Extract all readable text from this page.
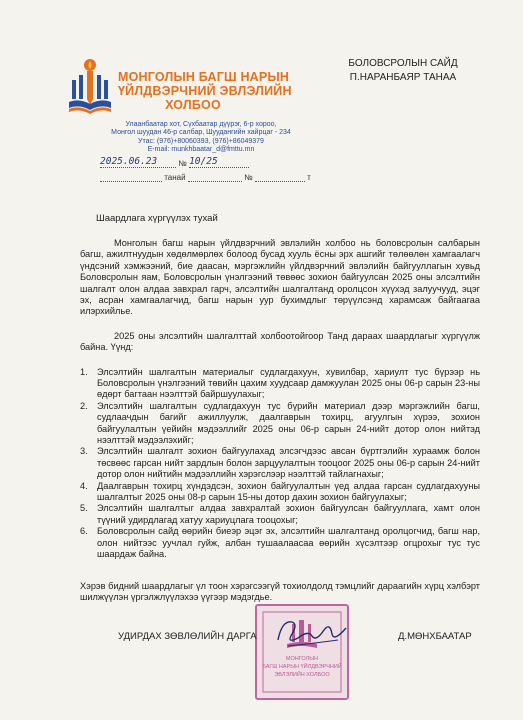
МОНГОЛЫН БАГШ НАРЫН
ҮЙЛДВЭРЧНИЙ ЭВЛЭЛИЙН
ХОЛБОО
Улаанбаатар хот, Сүхбаатар дүүрэг, 6-р хороо,
Монгол шуудан 46-р салбар, Шуудангийн хайрцаг - 234
Утас: (976)+80060393, (976)+86049379
E-mail: munkhbaatar_d@fmttu.mn
2025.06.23	№ 10/25
танай	№	т
БОЛОВСРОЛЫН САЙД
П.НАРАНБАЯР ТАНАА
Шаардлага хүргүүлэх тухай
Монголын багш нарын үйлдвэрчний эвлэлийн холбоо нь боловсролын салбарын багш, ажилтнуудын хөдөлмөрлөх болоод бусад хууль ёсны эрх ашгийг төлөөлөн хамгаалагч үндсэний хэмжээний, бие даасан, мэргэжлийн үйлдвэрчний эвлэлийн байгууллагын хувьд Боловсролын яам, Боловсролын үнэлгээний төвөөс зохион байгуулсан 2025 оны элсэлтийн шалгалт олон алдаа завхрал гарч, элсэлтийн шалгалтанд оролцсон хүүхэд залуучууд, эцэг эх, асран хамгаалагчид, багш нарын уур бухимдлыг төрүүлсэнд харамсаж байгаагаа илэрхийлье.
2025 оны элсэлтийн шалгалттай холбоотойгоор Танд дараах шаардлагыг хүргүүлж байна. Үүнд:
1. Элсэлтийн шалгалтын материалыг судлагдахуун, хувилбар, хариулт тус бүрээр нь Боловсролын үнэлгээний төвийн цахим хуудсаар дамжуулан 2025 оны 06-р сарын 23-ны өдөрт багтаан нээлттэй байршуулахыг;
2. Элсэлтийн шалгалтын судлагдахуун тус бүрийн материал дээр мэргэжлийн багш, судлаачдын багийг ажиллуулж, даалгаврын тохирц, агуулгын хүрээ, зохион байгуулалтын үейийн мэдээллийг 2025 оны 06-р сарын 24-нийт дотор олон нийтэд нээлттэй мэдээлэхийг;
3. Элсэлтийн шалгалт зохион байгуулахад элсэгчдээс авсан бүртгэлийн хураамж болон төсвөөс гарсан нийт зардлын болон зарцуулалтын тооцоог 2025 оны 06-р сарын 24-нийт дотор олон нийтийн мэдээллийн хэрэгслээр нээлттэй тайлагнахыг;
4. Даалгаврын тохирц хүндэдсэн, зохион байгуулалтын үед алдаа гарсан судлагдахууны шалгалтыг 2025 оны 08-р сарын 15-ны дотор дахин зохион байгуулахыг;
5. Элсэлтийн шалгалтыг алдаа завхралтай зохион байгуулсан байгууллага, хамт олон түүний удирдлагад хатуу хариуцлага тооцохыг;
6. Боловсролын сайд өөрийн биеэр эцэг эх, элсэлтийн шалгалтанд оролцогчид, багш нар, олон нийтээс уучлал гуйж, албан тушаалаасаа өөрийн хүсэлтээр огцрохыг тус тус шаардаж байна.
Хэрэв бидний шаардлагыг үл тоон хэрэгсээгүй тохиолдолд тэмцлийг дараагийн хүрц хэлбэрт шилжүүлэн үргэлжлүүлэхээ үүгээр мэдэгдье.
МОНГОЛЫН
БАГШ НАРЫН ҮЙЛДВЭРЧНИЙ
ЭВЛЭЛИЙН ХОЛБОО
УДИРДАХ ЗӨВЛӨЛИЙН ДАРГА	Д.МӨНХБААТАР
